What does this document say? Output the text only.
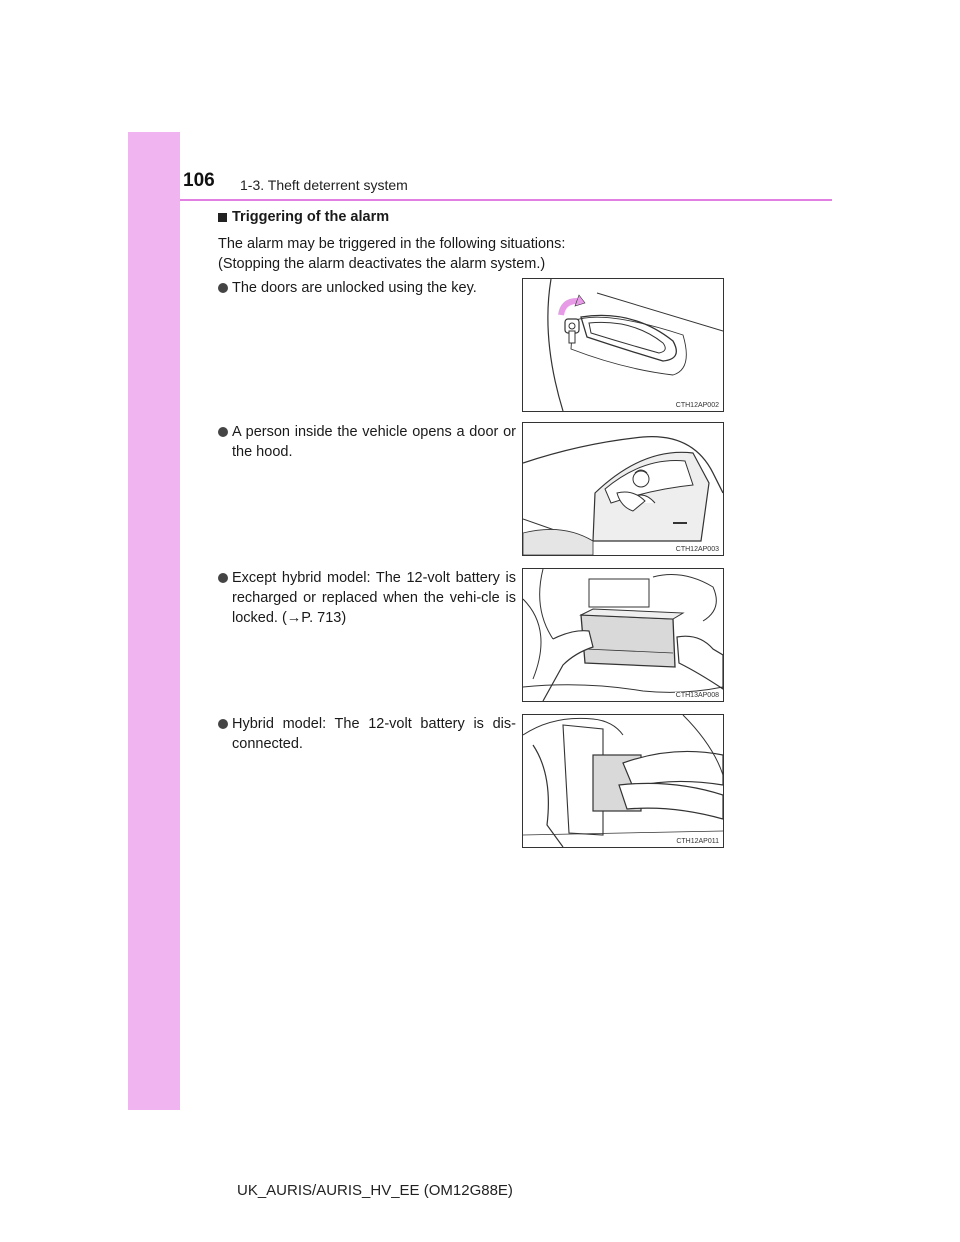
106 1-3. Theft deterrent system
Triggering of the alarm
The alarm may be triggered in the following situations:
(Stopping the alarm deactivates the alarm system.)
The doors are unlocked using the key.
CTH12AP002
A person inside the vehicle opens a door or the hood.
CTH12AP003
Except hybrid model: The 12-volt battery is recharged or replaced when the vehi-cle is locked. (→P. 713)
CTH13AP008
Hybrid model: The 12-volt battery is dis-connected.
CTH12AP011
UK_AURIS/AURIS_HV_EE (OM12G88E)
